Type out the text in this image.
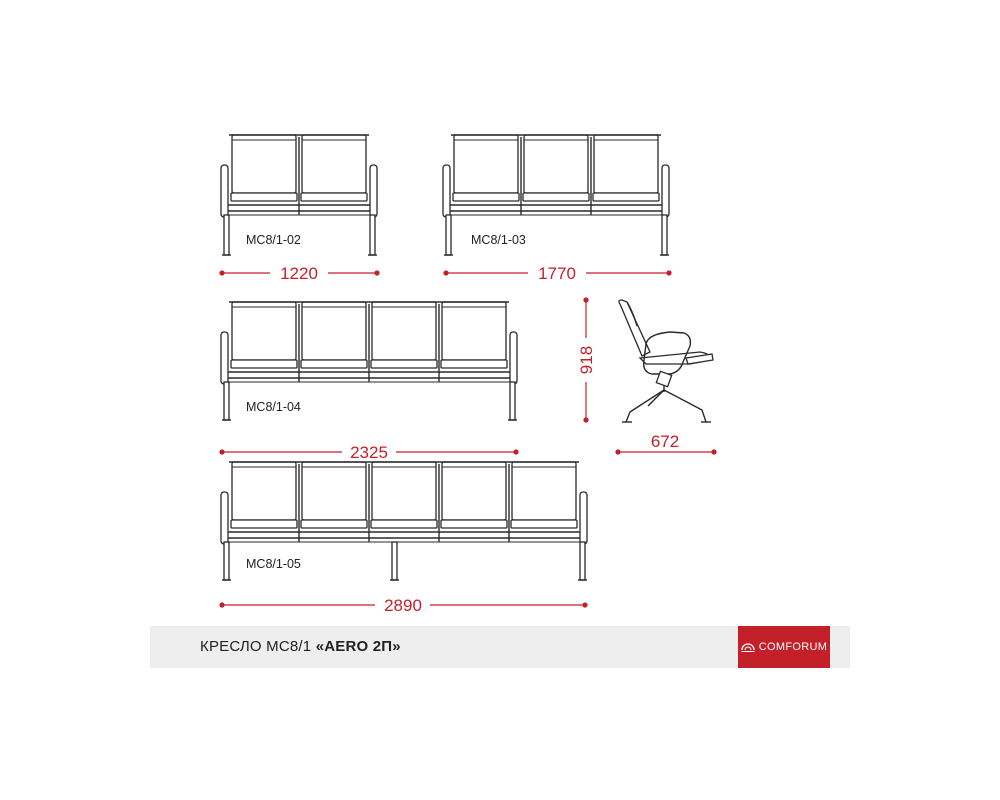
MC8/1-02	MC8/1-03
MC8/1-04
MC8/1-05
1220	1770
2325
2890
918
672
КРЕСЛО МС8/1 «AERO 2П»	COMFORUM
